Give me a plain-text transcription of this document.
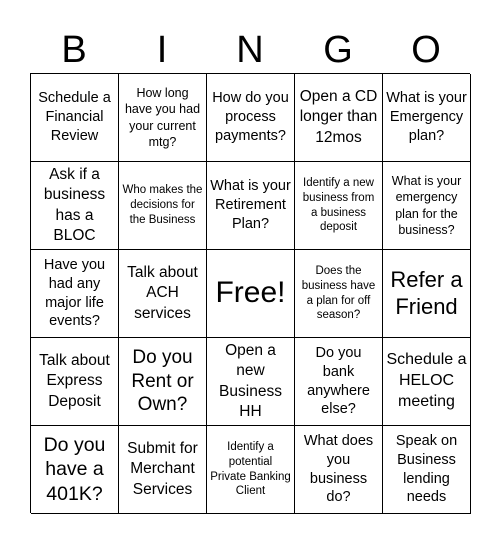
B	I	N	G	O
Schedule a Financial Review
How long have you had your current mtg?
How do you process payments?
Open a CD longer than 12mos
What is your Emergency plan?
Ask if a business has a BLOC
Who makes the decisions for the Business
What is your Retirement Plan?
Identify a new business from a business deposit
What is your emergency plan for the business?
Have you had any major life events?
Talk about ACH services
Free!
Does the business have a plan for off season?
Refer a Friend
Talk about Express Deposit
Do you Rent or Own?
Open a new Business HH
Do you bank anywhere else?
Schedule a HELOC meeting
Do you have a 401K?
Submit for Merchant Services
Identify a potential Private Banking Client
What does you business do?
Speak on Business lending needs
